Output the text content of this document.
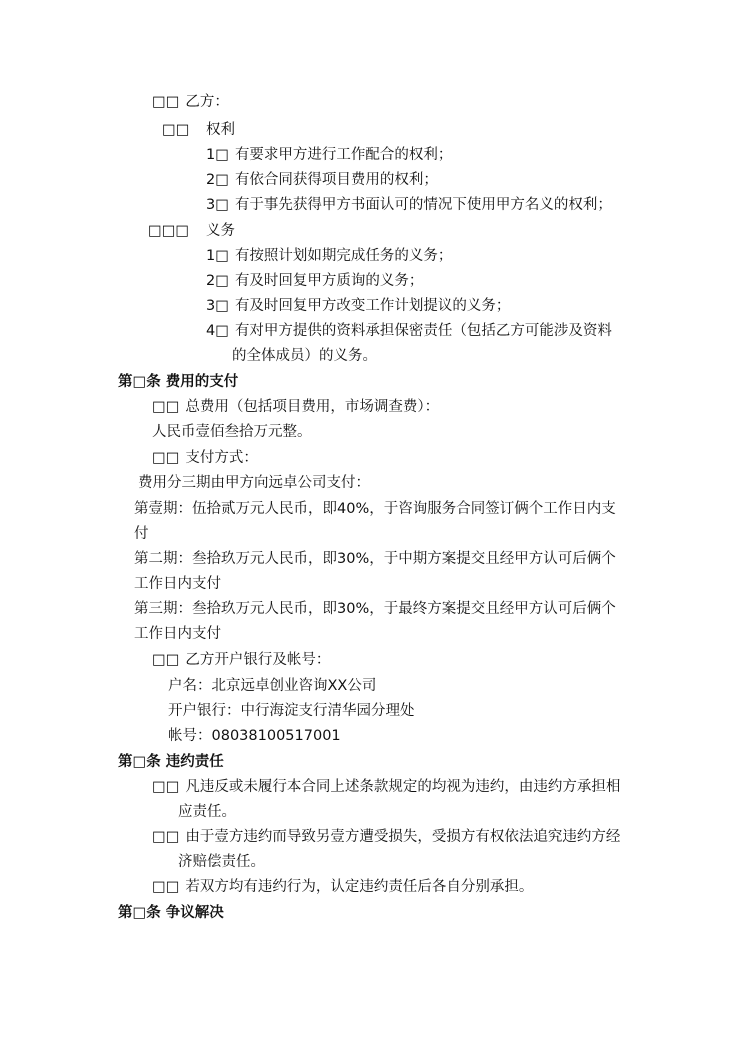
□□ 乙方：
□□ 权利
1□ 有要求甲方进行工作配合的权利；
2□ 有依合同获得项目费用的权利；
3□ 有于事先获得甲方书面认可的情况下使用甲方名义的权利；
□□□ 义务
1□ 有按照计划如期完成任务的义务；
2□ 有及时回复甲方质询的义务；
3□ 有及时回复甲方改变工作计划提议的义务；
4□ 有对甲方提供的资料承担保密责任（包括乙方可能涉及资料
的全体成员）的义务。
第□条 费用的支付
□□ 总费用（包括项目费用，市场调查费）：
人民币壹佰叁拾万元整。
□□ 支付方式：
费用分三期由甲方向远卓公司支付：
第壹期：伍拾贰万元人民币，即40%，于咨询服务合同签订俩个工作日内支
付
第二期：叁拾玖万元人民币，即30%，于中期方案提交且经甲方认可后俩个
工作日内支付
第三期：叁拾玖万元人民币，即30%，于最终方案提交且经甲方认可后俩个
工作日内支付
□□ 乙方开户银行及帐号：
户名：北京远卓创业咨询XX公司
开户银行：中行海淀支行清华园分理处
帐号：08038100517001
第□条 违约责任
□□ 凡违反或未履行本合同上述条款规定的均视为违约，由违约方承担相
应责任。
□□ 由于壹方违约而导致另壹方遭受损失，受损方有权依法追究违约方经
济赔偿责任。
□□ 若双方均有违约行为，认定违约责任后各自分别承担。
第□条 争议解决
